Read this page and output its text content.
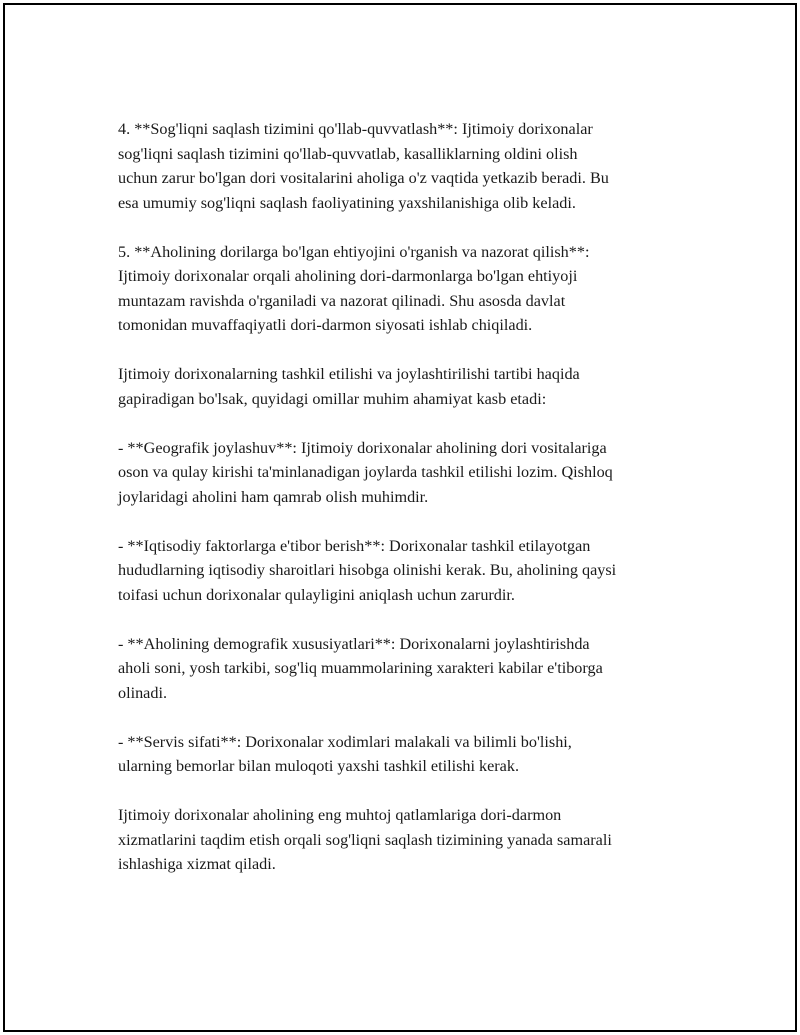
4. **Sog'liqni saqlash tizimini qo'llab-quvvatlash**: Ijtimoiy dorixonalar
sog'liqni saqlash tizimini qo'llab-quvvatlab, kasalliklarning oldini olish
uchun zarur bo'lgan dori vositalarini aholiga o'z vaqtida yetkazib beradi. Bu
esa umumiy sog'liqni saqlash faoliyatining yaxshilanishiga olib keladi.

5. **Aholining dorilarga bo'lgan ehtiyojini o'rganish va nazorat qilish**:
Ijtimoiy dorixonalar orqali aholining dori-darmonlarga bo'lgan ehtiyoji
muntazam ravishda o'rganiladi va nazorat qilinadi. Shu asosda davlat
tomonidan muvaffaqiyatli dori-darmon siyosati ishlab chiqiladi.

Ijtimoiy dorixonalarning tashkil etilishi va joylashtirilishi tartibi haqida
gapiradigan bo'lsak, quyidagi omillar muhim ahamiyat kasb etadi:

- **Geografik joylashuv**: Ijtimoiy dorixonalar aholining dori vositalariga
oson va qulay kirishi ta'minlanadigan joylarda tashkil etilishi lozim. Qishloq
joylaridagi aholini ham qamrab olish muhimdir.

- **Iqtisodiy faktorlarga e'tibor berish**: Dorixonalar tashkil etilayotgan
hududlarning iqtisodiy sharoitlari hisobga olinishi kerak. Bu, aholining qaysi
toifasi uchun dorixonalar qulayligini aniqlash uchun zarurdir.

- **Aholining demografik xususiyatlari**: Dorixonalarni joylashtirishda
aholi soni, yosh tarkibi, sog'liq muammolarining xarakteri kabilar e'tiborga
olinadi.

- **Servis sifati**: Dorixonalar xodimlari malakali va bilimli bo'lishi,
ularning bemorlar bilan muloqoti yaxshi tashkil etilishi kerak.

Ijtimoiy dorixonalar aholining eng muhtoj qatlamlariga dori-darmon
xizmatlarini taqdim etish orqali sog'liqni saqlash tizimining yanada samarali
ishlashiga xizmat qiladi.
